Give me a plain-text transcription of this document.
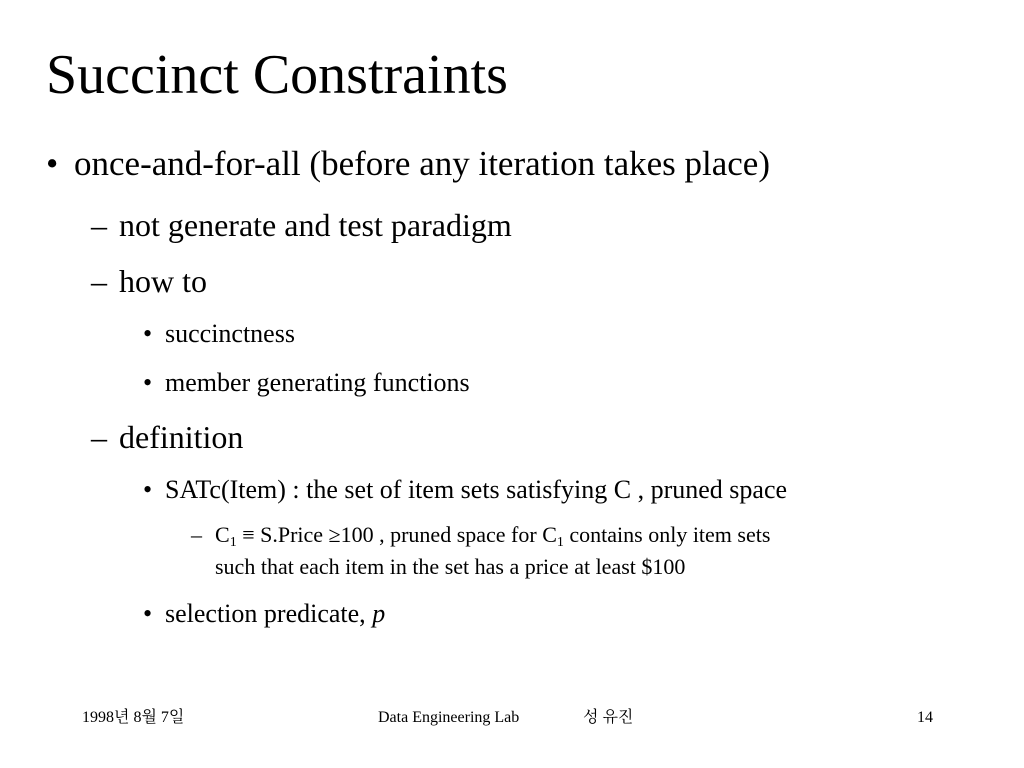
Succinct Constraints
• once-and-for-all (before any iteration takes place)
– not generate and test paradigm
– how to
• succinctness
• member generating functions
– definition
• SATc(Item) : the set of item sets satisfying C , pruned space
– $C_1$ ≡ S.Price ≥100 , pruned space for $C_1$ contains only item sets
such that each item in the set has a price at least $100
• selection predicate, p
1998년 8월 7일	Data Engineering Lab	성 유진	14
